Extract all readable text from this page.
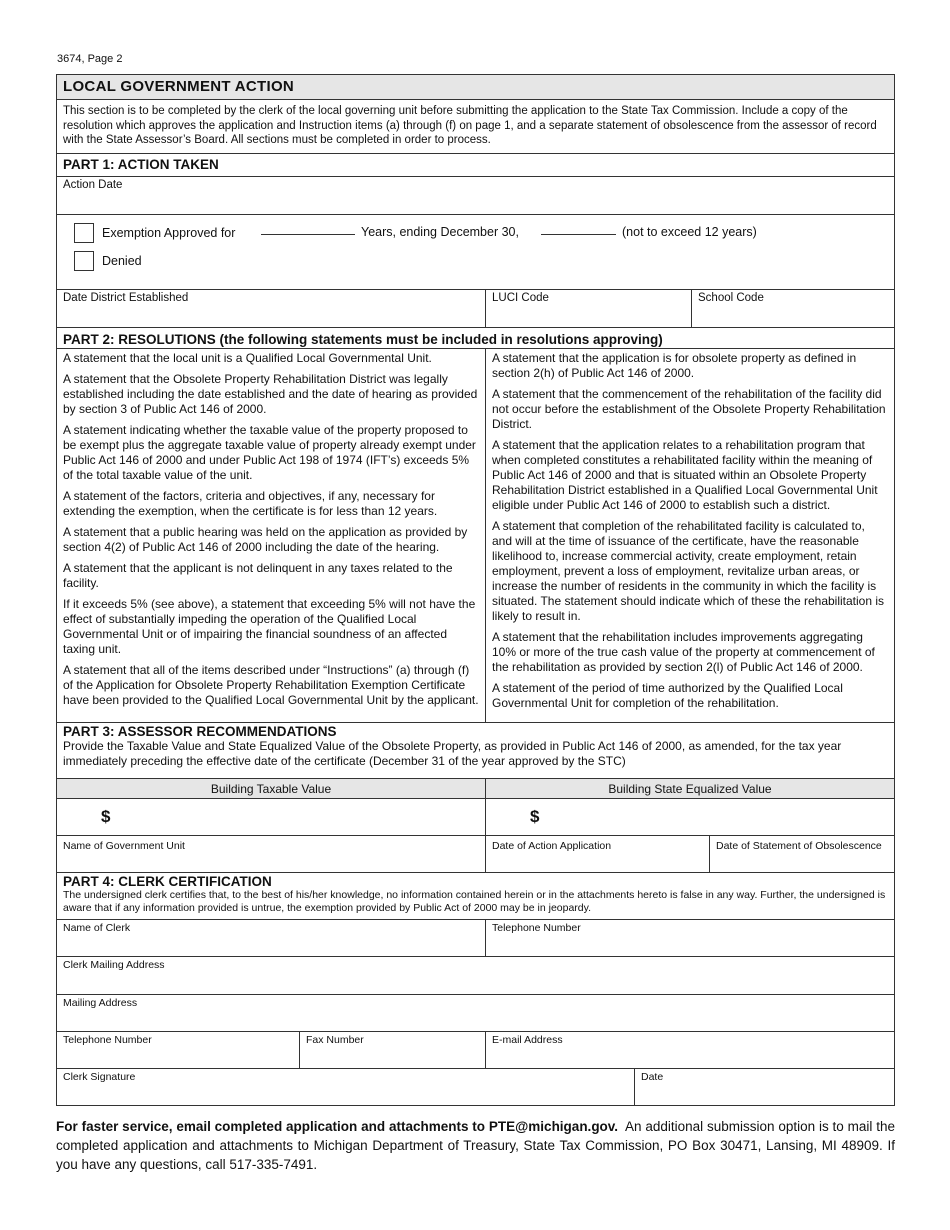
3674, Page 2
LOCAL GOVERNMENT ACTION
This section is to be completed by the clerk of the local governing unit before submitting the application to the State Tax Commission. Include a copy of the resolution which approves the application and Instruction items (a) through (f) on page 1, and a separate statement of obsolescence from the assessor of record with the State Assessor’s Board. All sections must be completed in order to process.
PART 1: ACTION TAKEN
Action Date
Exemption Approved for	Years, ending December 30,	(not to exceed 12 years)
Denied
Date District Established	LUCI Code	School Code
PART 2: RESOLUTIONS (the following statements must be included in resolutions approving)

A statement that the local unit is a Qualified Local Governmental Unit.

A statement that the Obsolete Property Rehabilitation District was legally established including the date established and the date of hearing as provided by section 3 of Public Act 146 of 2000.

A statement indicating whether the taxable value of the property proposed to be exempt plus the aggregate taxable value of property already exempt under Public Act 146 of 2000 and under Public Act 198 of 1974 (IFT’s) exceeds 5% of the total taxable value of the unit.

A statement of the factors, criteria and objectives, if any, necessary for extending the exemption, when the certificate is for less than 12 years.

A statement that a public hearing was held on the application as provided by section 4(2) of Public Act 146 of 2000 including the date of the hearing.

A statement that the applicant is not delinquent in any taxes related to the facility.

If it exceeds 5% (see above), a statement that exceeding 5% will not have the effect of substantially impeding the operation of the Qualified Local Governmental Unit or of impairing the financial soundness of an affected taxing unit.

A statement that all of the items described under “Instructions” (a) through (f) of the Application for Obsolete Property Rehabilitation Exemption Certificate have been provided to the Qualified Local Governmental Unit by the applicant.

A statement that the application is for obsolete property as defined in section 2(h) of Public Act 146 of 2000.

A statement that the commencement of the rehabilitation of the facility did not occur before the establishment of the Obsolete Property Rehabilitation District.

A statement that the application relates to a rehabilitation program that when completed constitutes a rehabilitated facility within the meaning of Public Act 146 of 2000 and that is situated within an Obsolete Property Rehabilitation District established in a Qualified Local Governmental Unit eligible under Public Act 146 of 2000 to establish such a district.

A statement that completion of the rehabilitated facility is calculated to, and will at the time of issuance of the certificate, have the reasonable likelihood to, increase commercial activity, create employment, retain employment, prevent a loss of employment, revitalize urban areas, or increase the number of residents in the community in which the facility is situated. The statement should indicate which of these the rehabilitation is likely to result in.

A statement that the rehabilitation includes improvements aggregating 10% or more of the true cash value of the property at commencement of the rehabilitation as provided by section 2(l) of Public Act 146 of 2000.

A statement of the period of time authorized by the Qualified Local Governmental Unit for completion of the rehabilitation.

PART 3: ASSESSOR RECOMMENDATIONS
Provide the Taxable Value and State Equalized Value of the Obsolete Property, as provided in Public Act 146 of 2000, as amended, for the tax year immediately preceding the effective date of the certificate (December 31 of the year approved by the STC)
Building Taxable Value	Building State Equalized Value
$	$
Name of Government Unit	Date of Action Application	Date of Statement of Obsolescence
PART 4: CLERK CERTIFICATION
The undersigned clerk certifies that, to the best of his/her knowledge, no information contained herein or in the attachments hereto is false in any way. Further, the undersigned is aware that if any information provided is untrue, the exemption provided by Public Act of 2000 may be in jeopardy.
Name of Clerk	Telephone Number
Clerk Mailing Address
Mailing Address
Telephone Number	Fax Number	E-mail Address
Clerk Signature	Date
For faster service, email completed application and attachments to PTE@michigan.gov. An additional submission option is to mail the completed application and attachments to Michigan Department of Treasury, State Tax Commission, PO Box 30471, Lansing, MI 48909. If you have any questions, call 517-335-7491.
